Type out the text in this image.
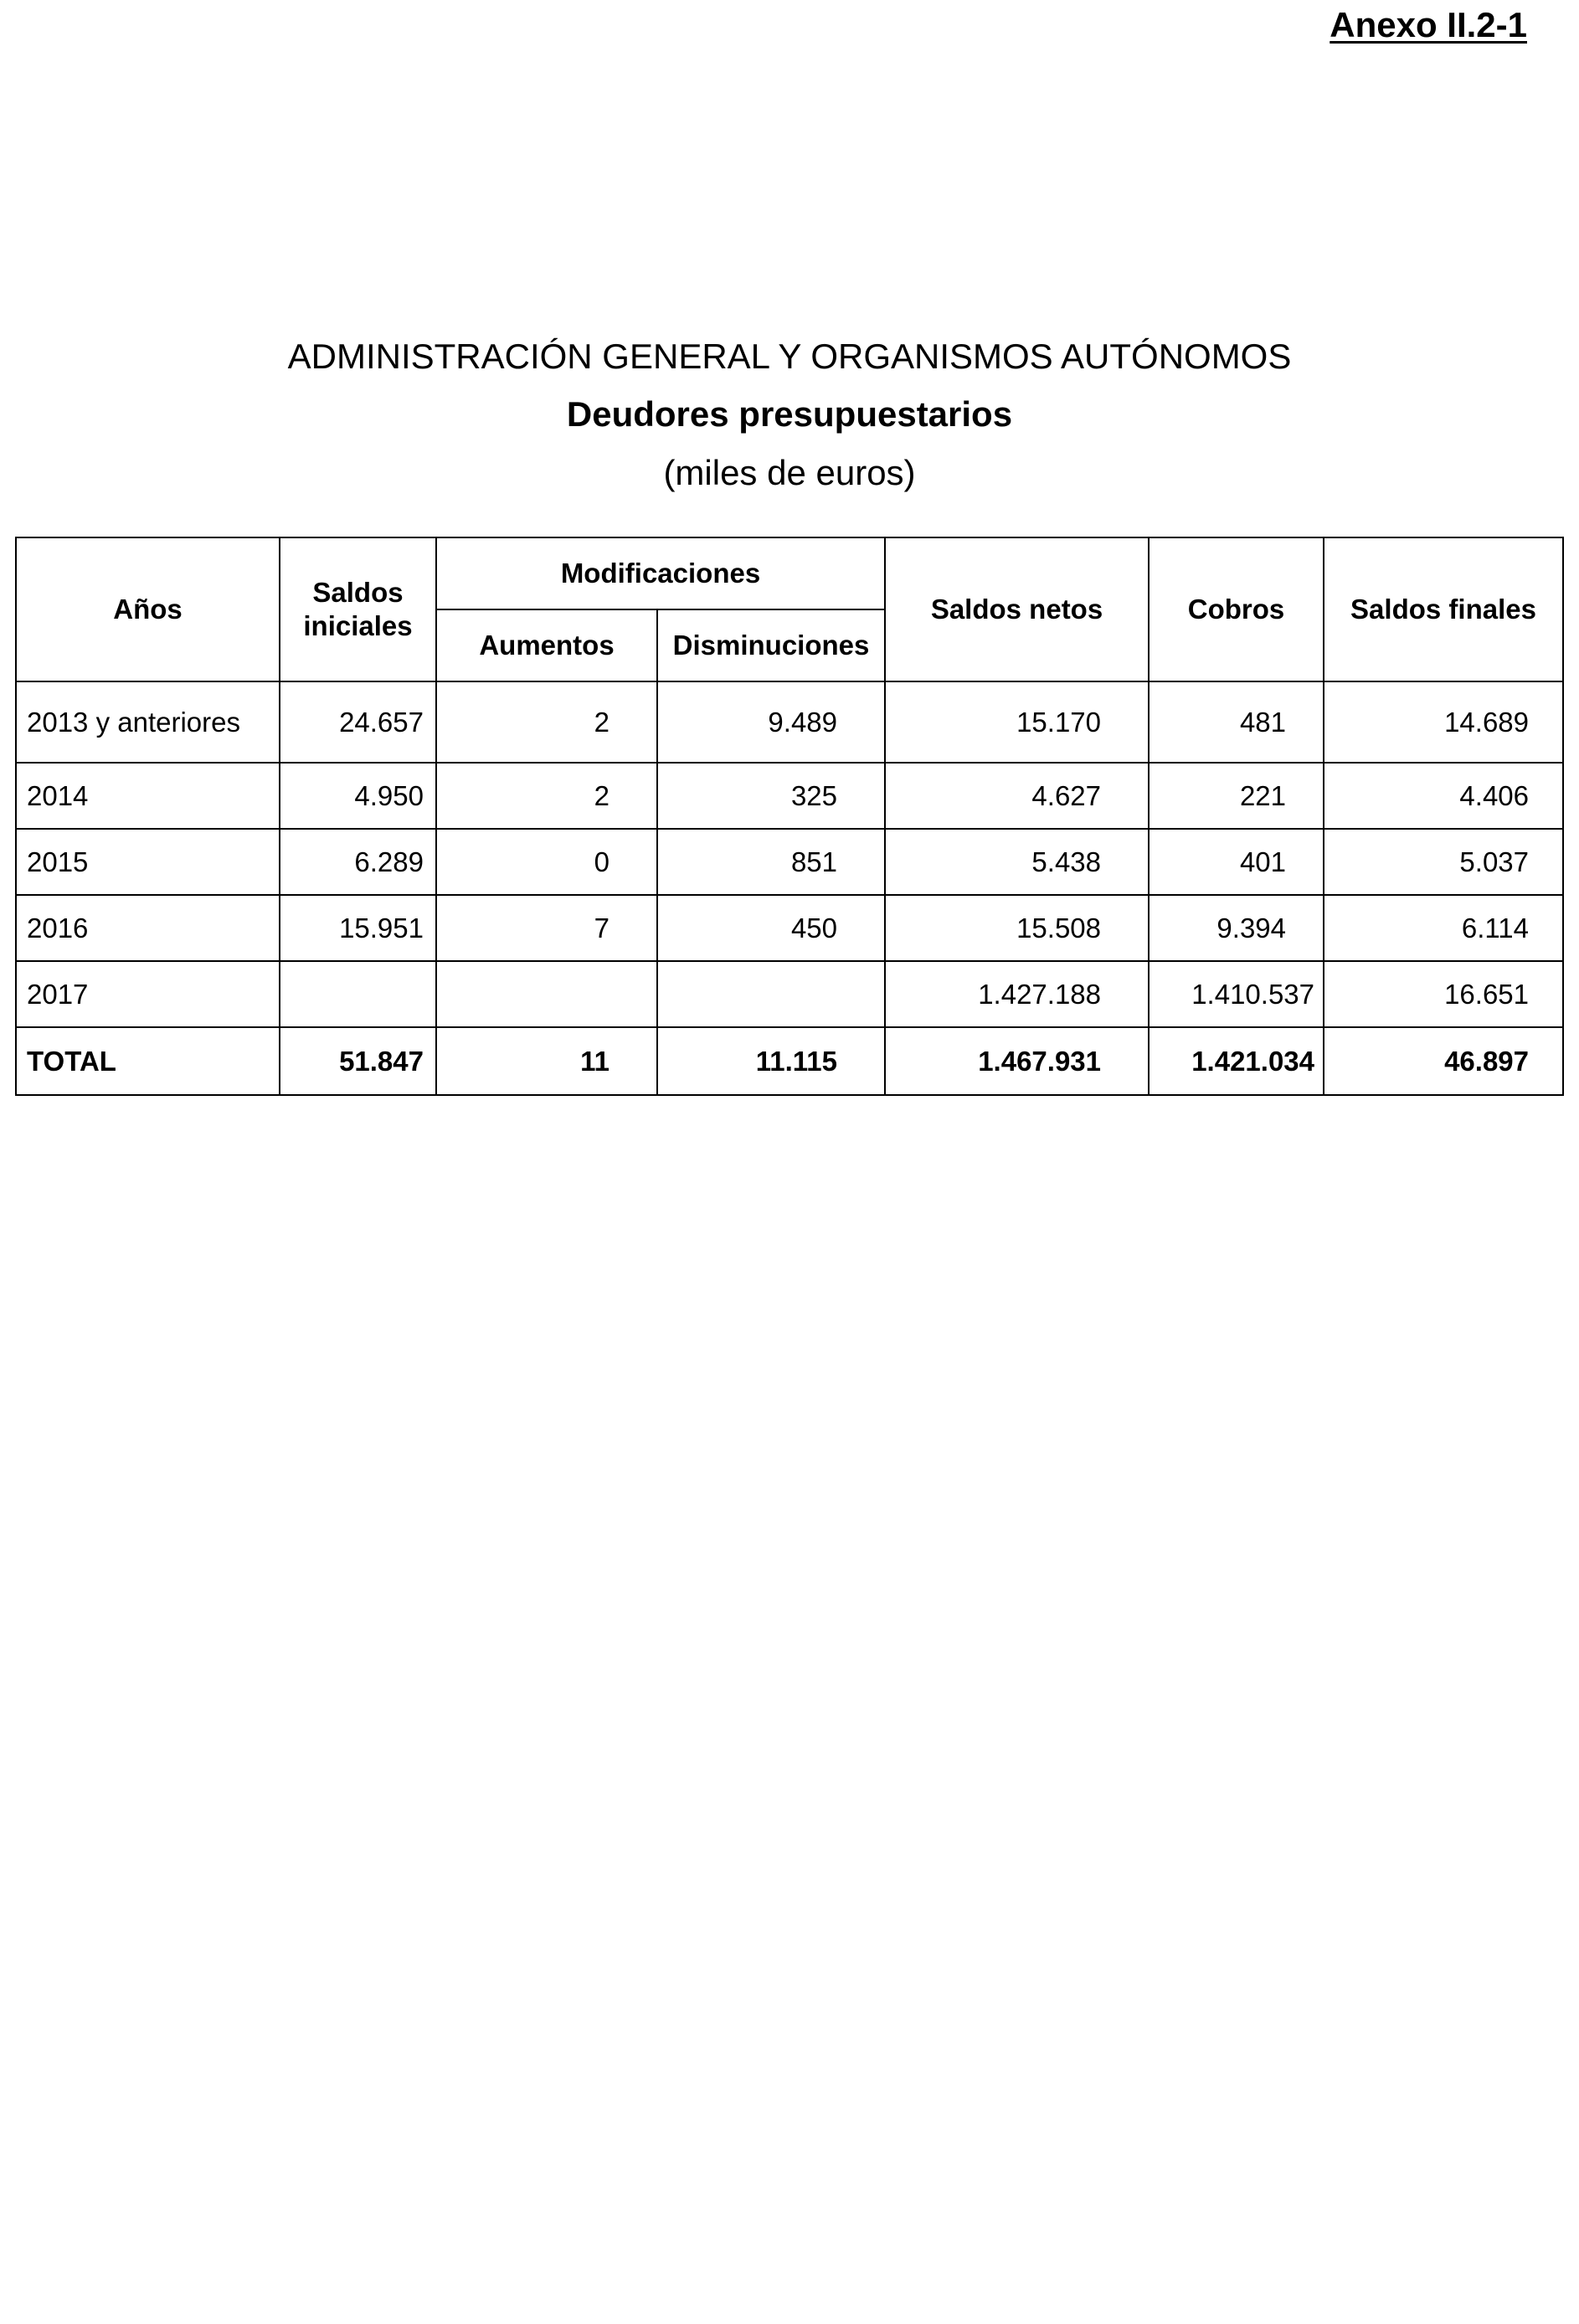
Anexo II.2-1
ADMINISTRACIÓN GENERAL Y ORGANISMOS AUTÓNOMOS
Deudores presupuestarios
(miles de euros)
Años	Saldos iniciales	Modificaciones		Saldos netos	Cobros	Saldos finales
		Aumentos	Disminuciones			
2013 y anteriores	24.657	2	9.489	15.170	481	14.689
2014	4.950	2	325	4.627	221	4.406
2015	6.289	0	851	5.438	401	5.037
2016	15.951	7	450	15.508	9.394	6.114
2017				1.427.188	1.410.537	16.651
TOTAL	51.847	11	11.115	1.467.931	1.421.034	46.897
